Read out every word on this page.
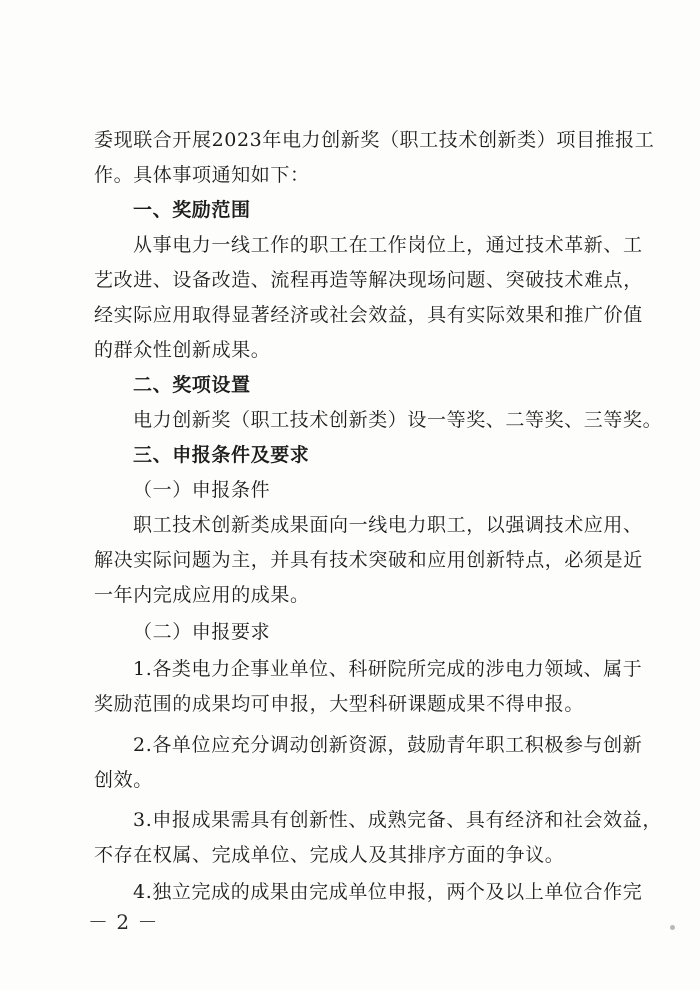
委现联合开展2023年电力创新奖（职工技术创新类）项目推报工
作。具体事项通知如下：
一、奖励范围
从事电力一线工作的职工在工作岗位上，通过技术革新、工
艺改进、设备改造、流程再造等解决现场问题、突破技术难点，
经实际应用取得显著经济或社会效益，具有实际效果和推广价值
的群众性创新成果。
二、奖项设置
电力创新奖（职工技术创新类）设一等奖、二等奖、三等奖。
三、申报条件及要求
（一）申报条件
职工技术创新类成果面向一线电力职工，以强调技术应用、
解决实际问题为主，并具有技术突破和应用创新特点，必须是近
一年内完成应用的成果。
（二）申报要求
1.各类电力企事业单位、科研院所完成的涉电力领域、属于
奖励范围的成果均可申报，大型科研课题成果不得申报。
2.各单位应充分调动创新资源，鼓励青年职工积极参与创新
创效。
3.申报成果需具有创新性、成熟完备、具有经济和社会效益，
不存在权属、完成单位、完成人及其排序方面的争议。
4.独立完成的成果由完成单位申报，两个及以上单位合作完
－ 2 －
